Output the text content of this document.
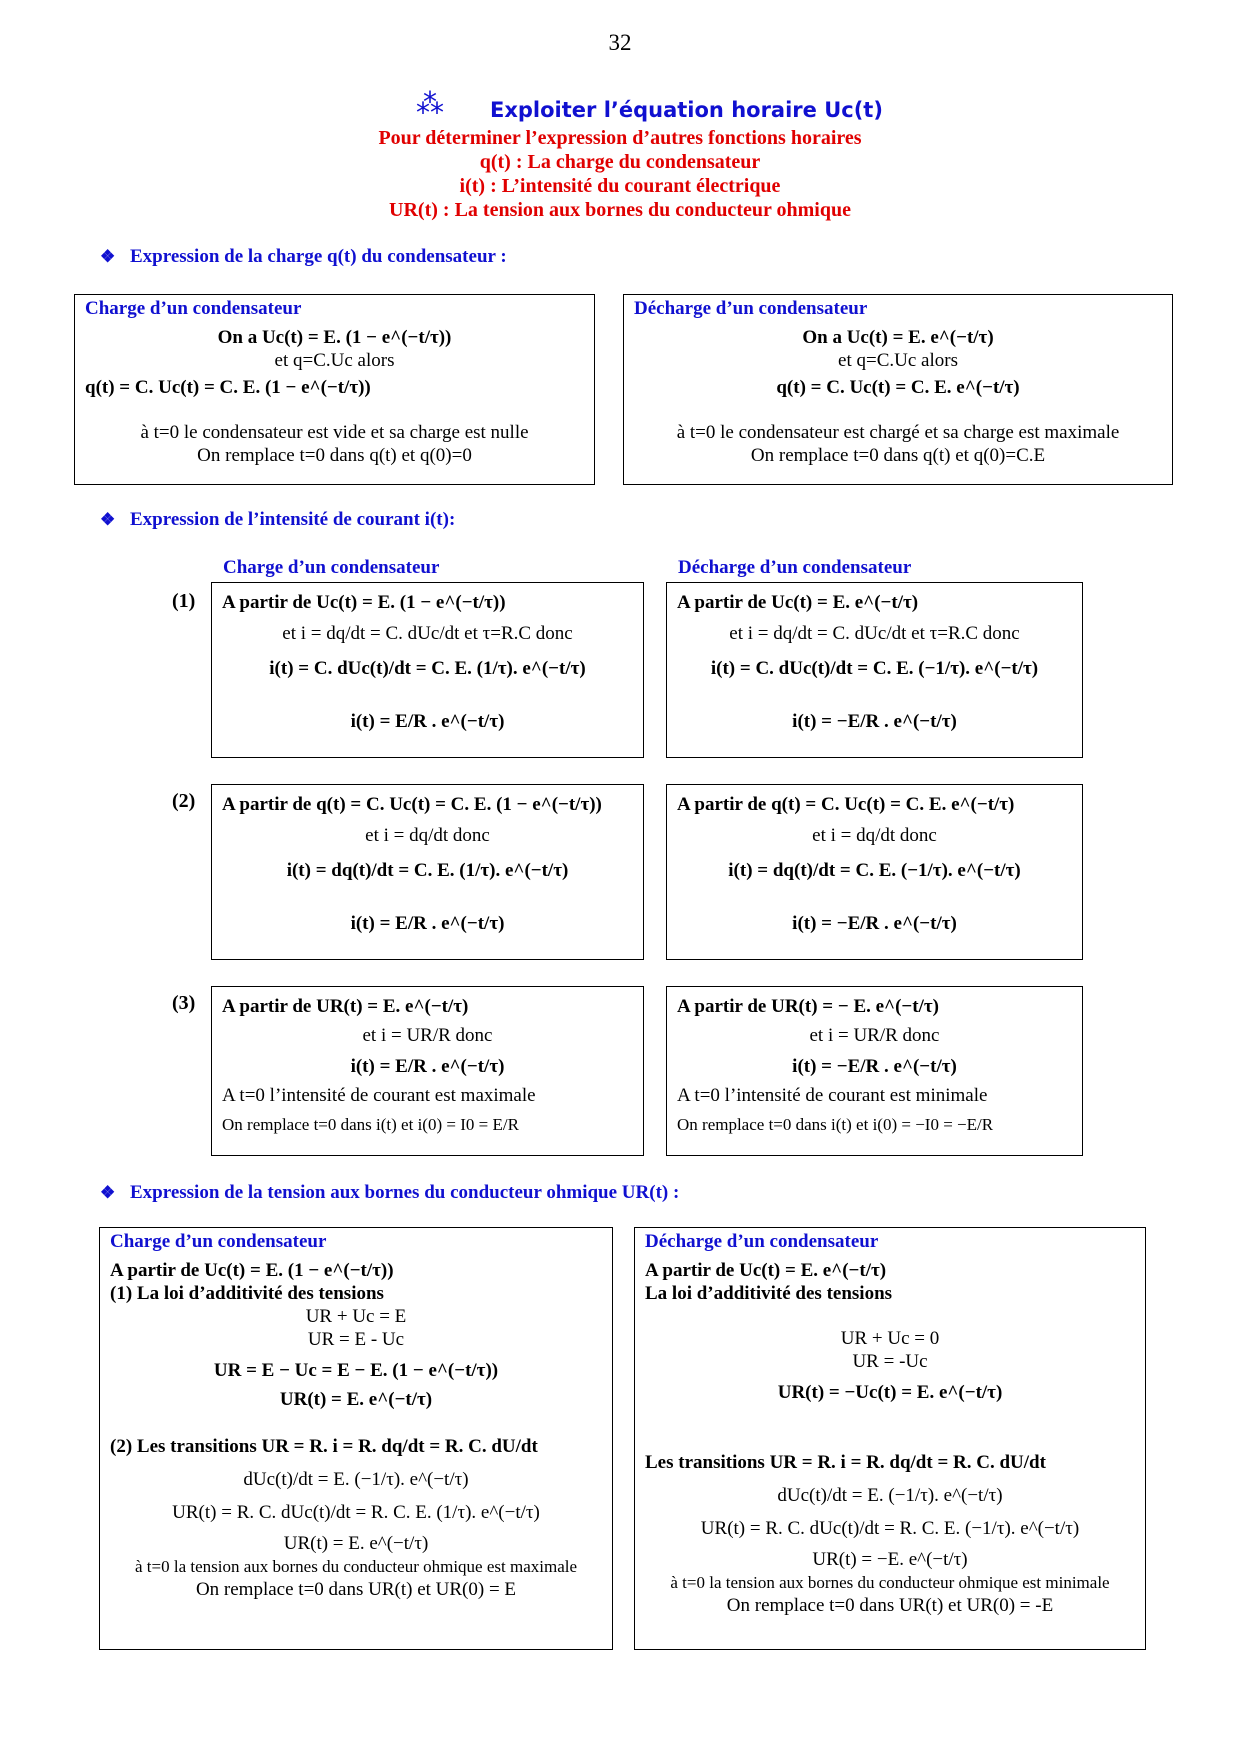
32
⁂ Exploiter l’équation horaire Uc(t)
Pour déterminer l’expression d’autres fonctions horaires
q(t) : La charge du condensateur
i(t) : L’intensité du courant électrique
UR(t) : La tension aux bornes du conducteur ohmique
❖ Expression de la charge q(t) du condensateur :
Charge d’un condensateur
On a Uc(t) = E. (1 − e^(−t/τ))
et q=C.Uc alors
q(t) = C. Uc(t) = C. E. (1 − e^(−t/τ))
à t=0 le condensateur est vide et sa charge est nulle
On remplace t=0 dans q(t) et q(0)=0
Décharge d’un condensateur
On a Uc(t) = E. e^(−t/τ)
et q=C.Uc alors
q(t) = C. Uc(t) = C. E. e^(−t/τ)
à t=0 le condensateur est chargé et sa charge est maximale
On remplace t=0 dans q(t) et q(0)=C.E
❖ Expression de l’intensité de courant i(t):
Charge d’un condensateur	Décharge d’un condensateur
(1)	A partir de Uc(t) = E. (1 − e^(−t/τ))
et i = dq/dt = C. dUc/dt et τ=R.C donc
i(t) = C. dUc(t)/dt = C. E. (1/τ). e^(−t/τ)
i(t) = E/R . e^(−t/τ)
A partir de Uc(t) = E. e^(−t/τ)
et i = dq/dt = C. dUc/dt et τ=R.C donc
i(t) = C. dUc(t)/dt = C. E. (−1/τ). e^(−t/τ)
i(t) = −E/R . e^(−t/τ)
(2)	A partir de q(t) = C. Uc(t) = C. E. (1 − e^(−t/τ))
et i = dq/dt donc
i(t) = dq(t)/dt = C. E. (1/τ). e^(−t/τ)
i(t) = E/R . e^(−t/τ)
A partir de q(t) = C. Uc(t) = C. E. e^(−t/τ)
et i = dq/dt donc
i(t) = dq(t)/dt = C. E. (−1/τ). e^(−t/τ)
i(t) = −E/R . e^(−t/τ)
(3)	A partir de UR(t) = E. e^(−t/τ)
et i = UR/R donc
i(t) = E/R . e^(−t/τ)
A t=0 l’intensité de courant est maximale
On remplace t=0 dans i(t) et i(0) = I0 = E/R
A partir de UR(t) = − E. e^(−t/τ)
et i = UR/R donc
i(t) = −E/R . e^(−t/τ)
A t=0 l’intensité de courant est minimale
On remplace t=0 dans i(t) et i(0) = −I0 = −E/R
❖ Expression de la tension aux bornes du conducteur ohmique UR(t) :
Charge d’un condensateur
A partir de Uc(t) = E. (1 − e^(−t/τ))
(1) La loi d’additivité des tensions
UR + Uc = E
UR = E - Uc
UR = E − Uc = E − E. (1 − e^(−t/τ))
UR(t) = E. e^(−t/τ)
(2) Les transitions UR = R. i = R. dq/dt = R. C. dU/dt
dUc(t)/dt = E. (−1/τ). e^(−t/τ)
UR(t) = R. C. dUc(t)/dt = R. C. E. (1/τ). e^(−t/τ)
UR(t) = E. e^(−t/τ)
à t=0 la tension aux bornes du conducteur ohmique est maximale
On remplace t=0 dans UR(t) et UR(0) = E
Décharge d’un condensateur
A partir de Uc(t) = E. e^(−t/τ)
La loi d’additivité des tensions
UR + Uc = 0
UR = -Uc
UR(t) = −Uc(t) = E. e^(−t/τ)
Les transitions UR = R. i = R. dq/dt = R. C. dU/dt
dUc(t)/dt = E. (−1/τ). e^(−t/τ)
UR(t) = R. C. dUc(t)/dt = R. C. E. (−1/τ). e^(−t/τ)
UR(t) = −E. e^(−t/τ)
à t=0 la tension aux bornes du conducteur ohmique est minimale
On remplace t=0 dans UR(t) et UR(0) = -E
